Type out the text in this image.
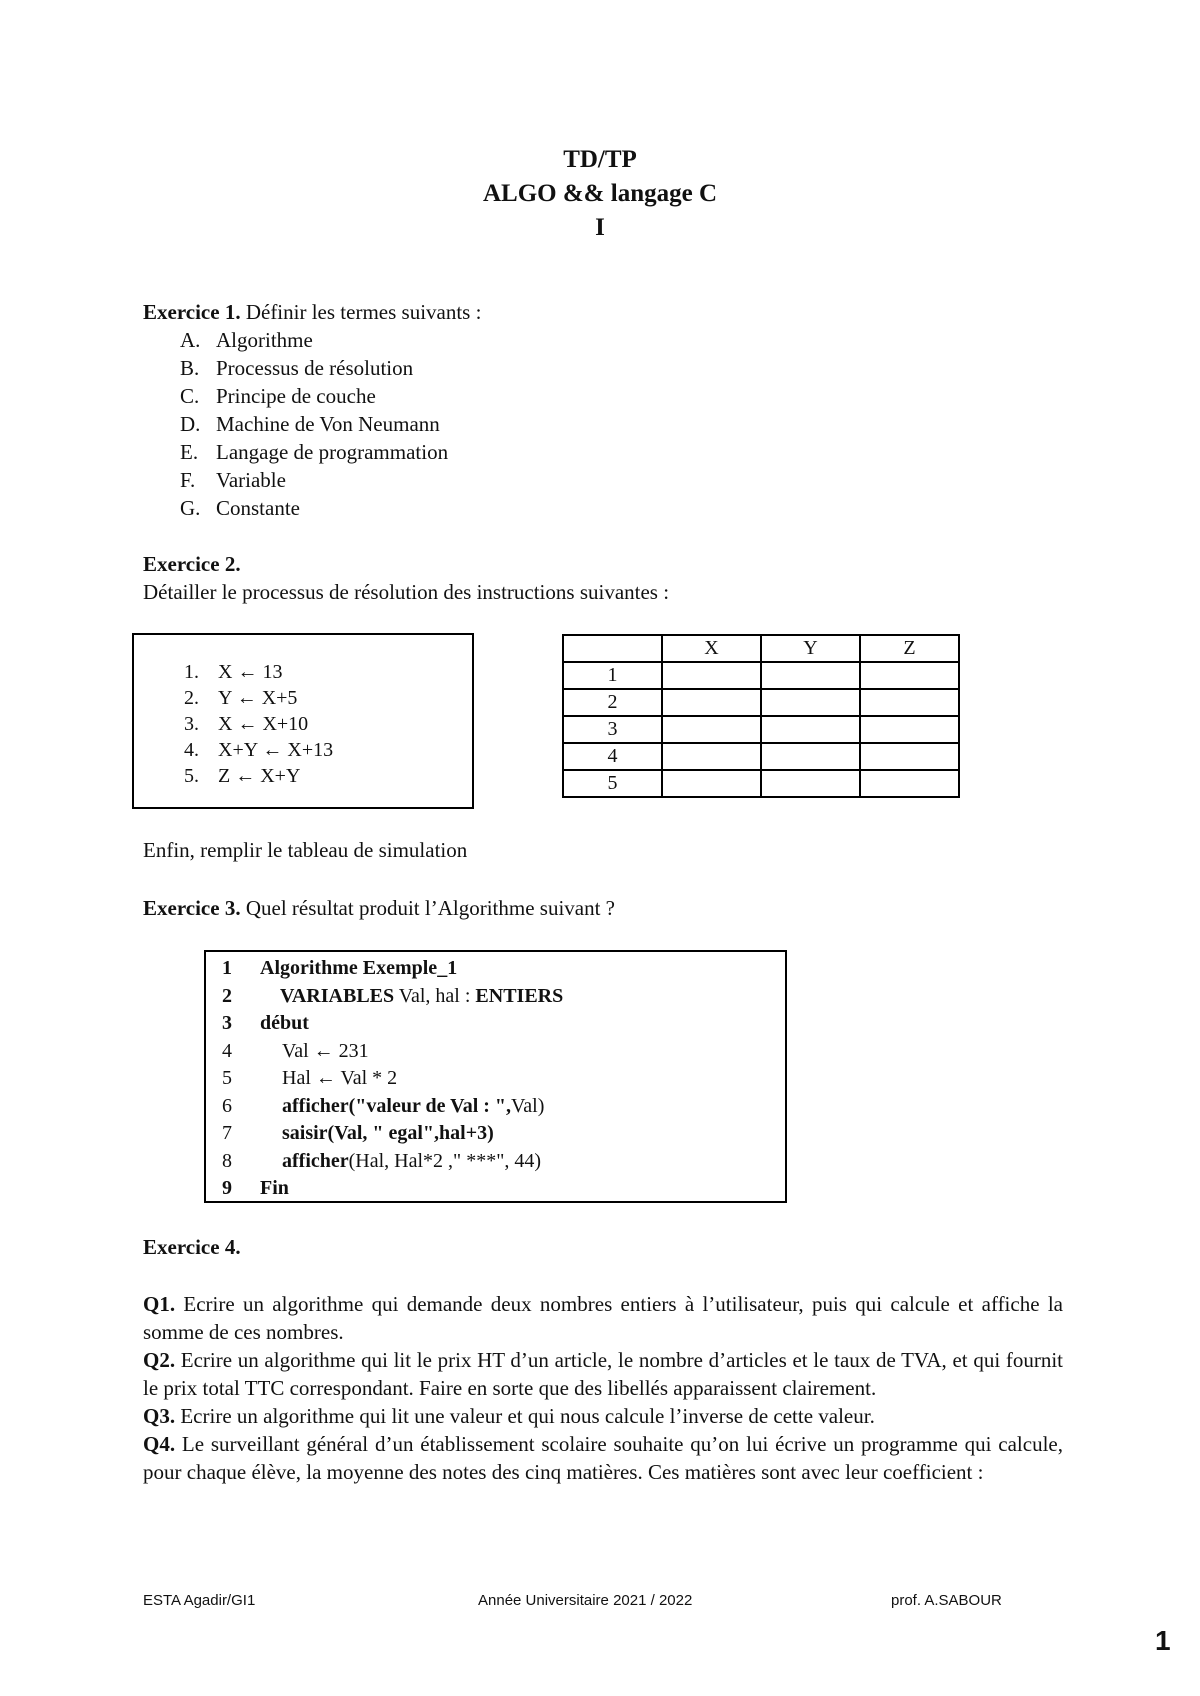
TD/TP
ALGO && langage C
I
Exercice 1. Définir les termes suivants :
A. Algorithme
B. Processus de résolution
C. Principe de couche
D. Machine de Von Neumann
E. Langage de programmation
F. Variable
G. Constante
Exercice 2.
Détailler le processus de résolution des instructions suivantes :
1. X ← 13
2. Y ← X+5
3. X ← X+10
4. X+Y ← X+13
5. Z ← X+Y
	X	Y	Z
1			
2			
3			
4			
5			
Enfin, remplir le tableau de simulation
Exercice 3. Quel résultat produit l’Algorithme suivant ?
1 Algorithme Exemple_1
2 VARIABLES Val, hal : ENTIERS
3 début
4	Val ← 231
5	Hal ← Val * 2
6	afficher("valeur de Val : ",Val)
7	saisir(Val, " egal",hal+3)
8	afficher(Hal, Hal*2 ," ***", 44)
9 Fin
Exercice 4.

Q1. Ecrire un algorithme qui demande deux nombres entiers à l’utilisateur, puis qui calcule et affiche la somme de ces nombres.

Q2. Ecrire un algorithme qui lit le prix HT d’un article, le nombre d’articles et le taux de TVA, et qui fournit le prix total TTC correspondant. Faire en sorte que des libellés apparaissent clairement.

Q3. Ecrire un algorithme qui lit une valeur et qui nous calcule l’inverse de cette valeur.

Q4. Le surveillant général d’un établissement scolaire souhaite qu’on lui écrive un programme qui calcule, pour chaque élève, la moyenne des notes des cinq matières. Ces matières sont avec leur coefficient :

ESTA Agadir/GI1	Année Universitaire 2021 / 2022	prof. A.SABOUR
1
